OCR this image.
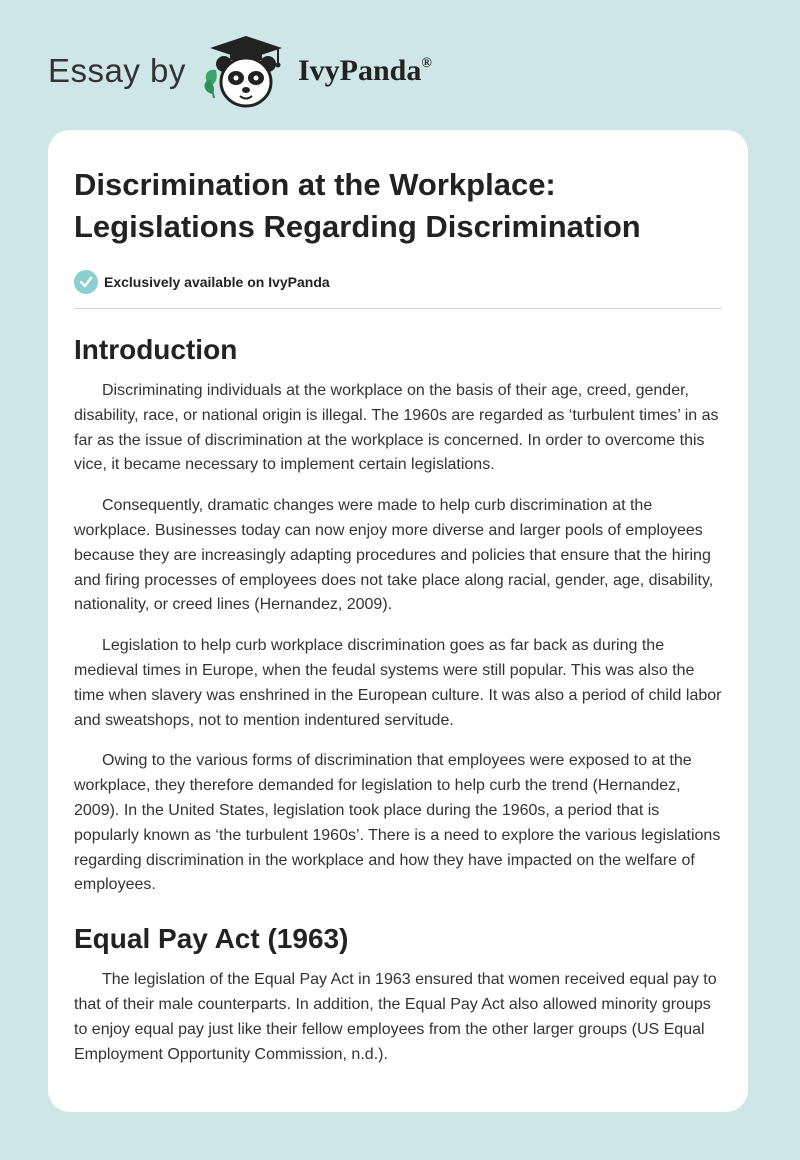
Essay by	IvyPanda®
Discrimination at the Workplace: Legislations Regarding Discrimination
Exclusively available on IvyPanda
Introduction

Discriminating individuals at the workplace on the basis of their age, creed, gender, disability, race, or national origin is illegal. The 1960s are regarded as ‘turbulent times’ in as far as the issue of discrimination at the workplace is concerned. In order to overcome this vice, it became necessary to implement certain legislations.

Consequently, dramatic changes were made to help curb discrimination at the workplace. Businesses today can now enjoy more diverse and larger pools of employees because they are increasingly adapting procedures and policies that ensure that the hiring and firing processes of employees does not take place along racial, gender, age, disability, nationality, or creed lines (Hernandez, 2009).

Legislation to help curb workplace discrimination goes as far back as during the medieval times in Europe, when the feudal systems were still popular. This was also the time when slavery was enshrined in the European culture. It was also a period of child labor and sweatshops, not to mention indentured servitude.

Owing to the various forms of discrimination that employees were exposed to at the workplace, they therefore demanded for legislation to help curb the trend (Hernandez, 2009). In the United States, legislation took place during the 1960s, a period that is popularly known as ‘the turbulent 1960s’. There is a need to explore the various legislations regarding discrimination in the workplace and how they have impacted on the welfare of employees.

Equal Pay Act (1963)

The legislation of the Equal Pay Act in 1963 ensured that women received equal pay to that of their male counterparts. In addition, the Equal Pay Act also allowed minority groups to enjoy equal pay just like their fellow employees from the other larger groups (US Equal Employment Opportunity Commission, n.d.).
